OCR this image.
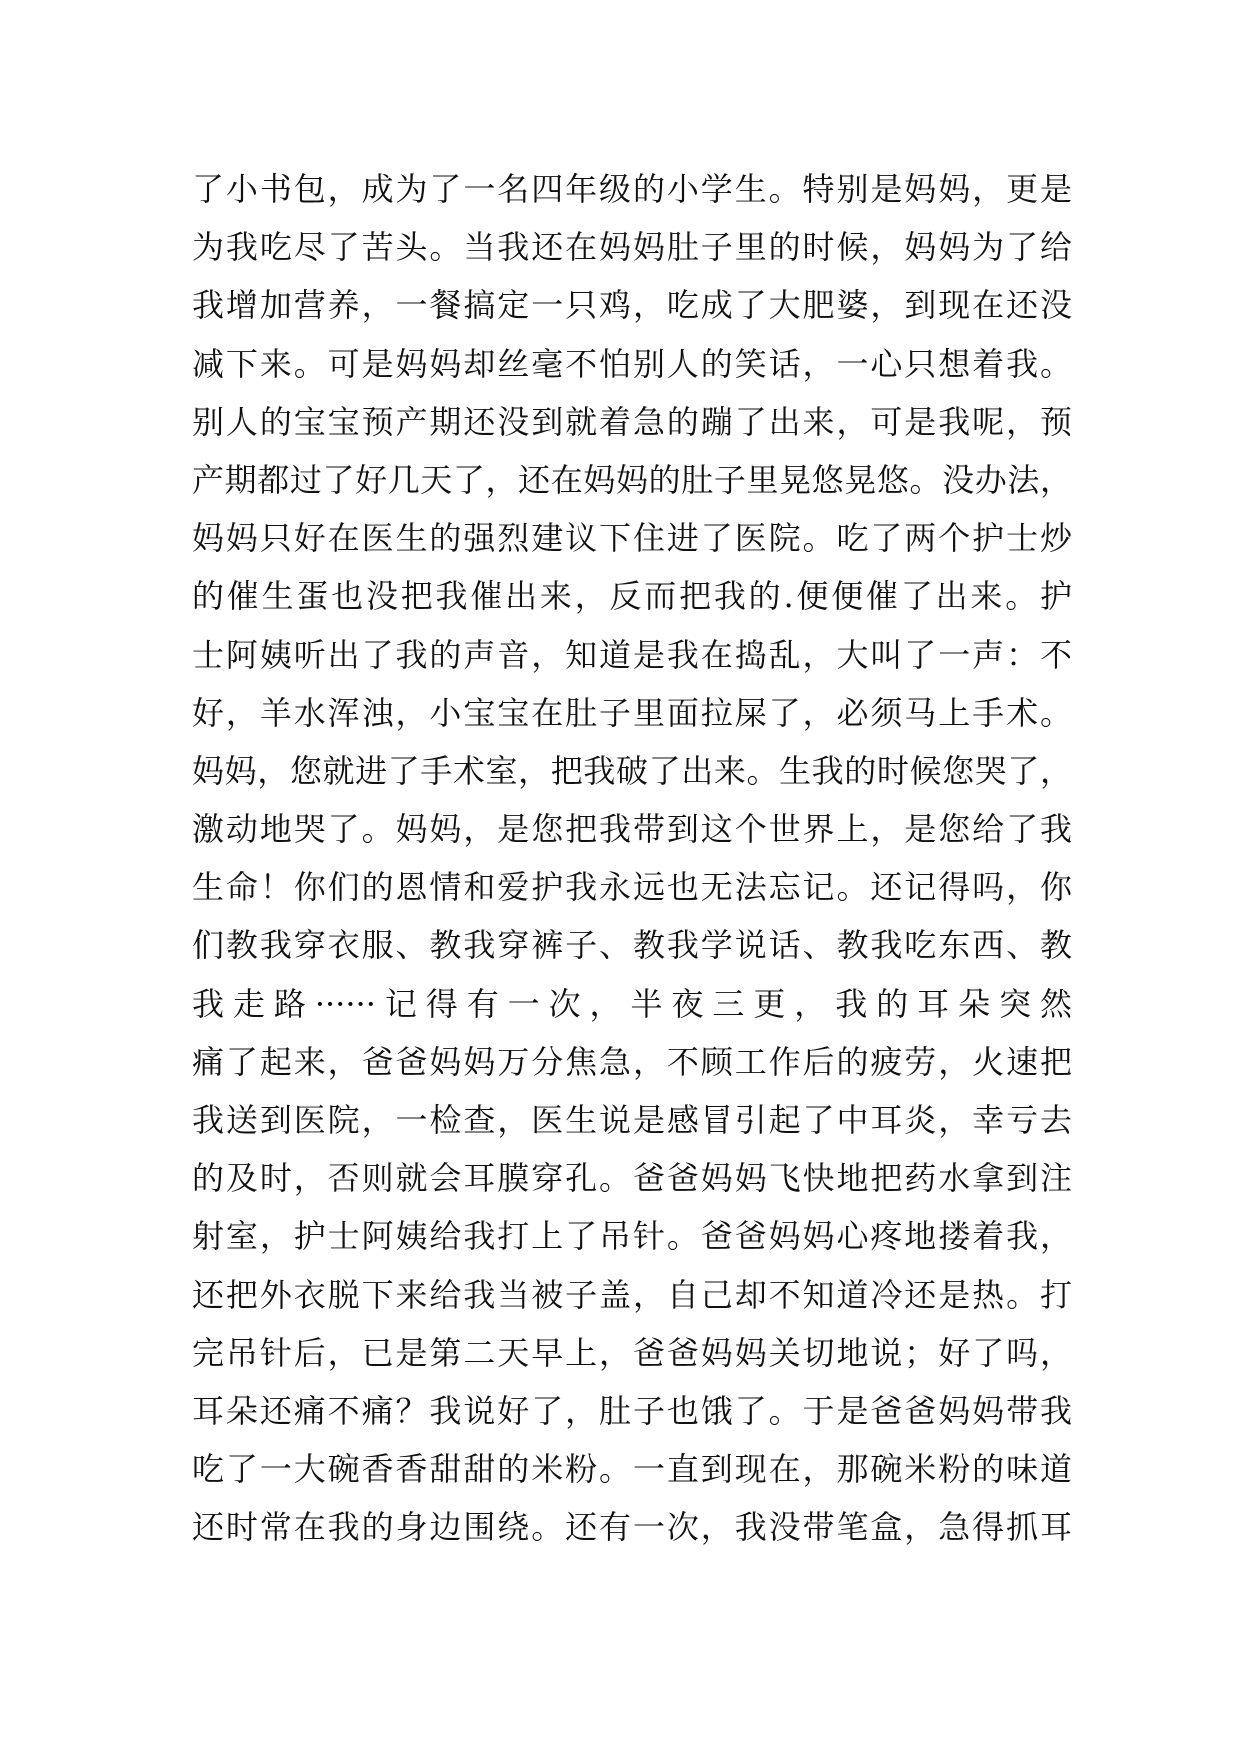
了小书包，成为了一名四年级的小学生。特别是妈妈，更是
为我吃尽了苦头。当我还在妈妈肚子里的时候，妈妈为了给
我增加营养，一餐搞定一只鸡，吃成了大肥婆，到现在还没
减下来。可是妈妈却丝毫不怕别人的笑话，一心只想着我。
别人的宝宝预产期还没到就着急的蹦了出来，可是我呢，预
产期都过了好几天了，还在妈妈的肚子里晃悠晃悠。没办法，
妈妈只好在医生的强烈建议下住进了医院。吃了两个护士炒
的催生蛋也没把我催出来，反而把我的.便便催了出来。护
士阿姨听出了我的声音，知道是我在捣乱，大叫了一声：不
好，羊水浑浊，小宝宝在肚子里面拉屎了，必须马上手术。
妈妈，您就进了手术室，把我破了出来。生我的时候您哭了，
激动地哭了。妈妈，是您把我带到这个世界上，是您给了我
生命！你们的恩情和爱护我永远也无法忘记。还记得吗，你
们教我穿衣服、教我穿裤子、教我学说话、教我吃东西、教
我走路······记得有一次，半夜三更，我的耳朵突然
痛了起来，爸爸妈妈万分焦急，不顾工作后的疲劳，火速把
我送到医院，一检查，医生说是感冒引起了中耳炎，幸亏去
的及时，否则就会耳膜穿孔。爸爸妈妈飞快地把药水拿到注
射室，护士阿姨给我打上了吊针。爸爸妈妈心疼地搂着我，
还把外衣脱下来给我当被子盖，自己却不知道冷还是热。打
完吊针后，已是第二天早上，爸爸妈妈关切地说；好了吗，
耳朵还痛不痛？我说好了，肚子也饿了。于是爸爸妈妈带我
吃了一大碗香香甜甜的米粉。一直到现在，那碗米粉的味道
还时常在我的身边围绕。还有一次，我没带笔盒，急得抓耳
